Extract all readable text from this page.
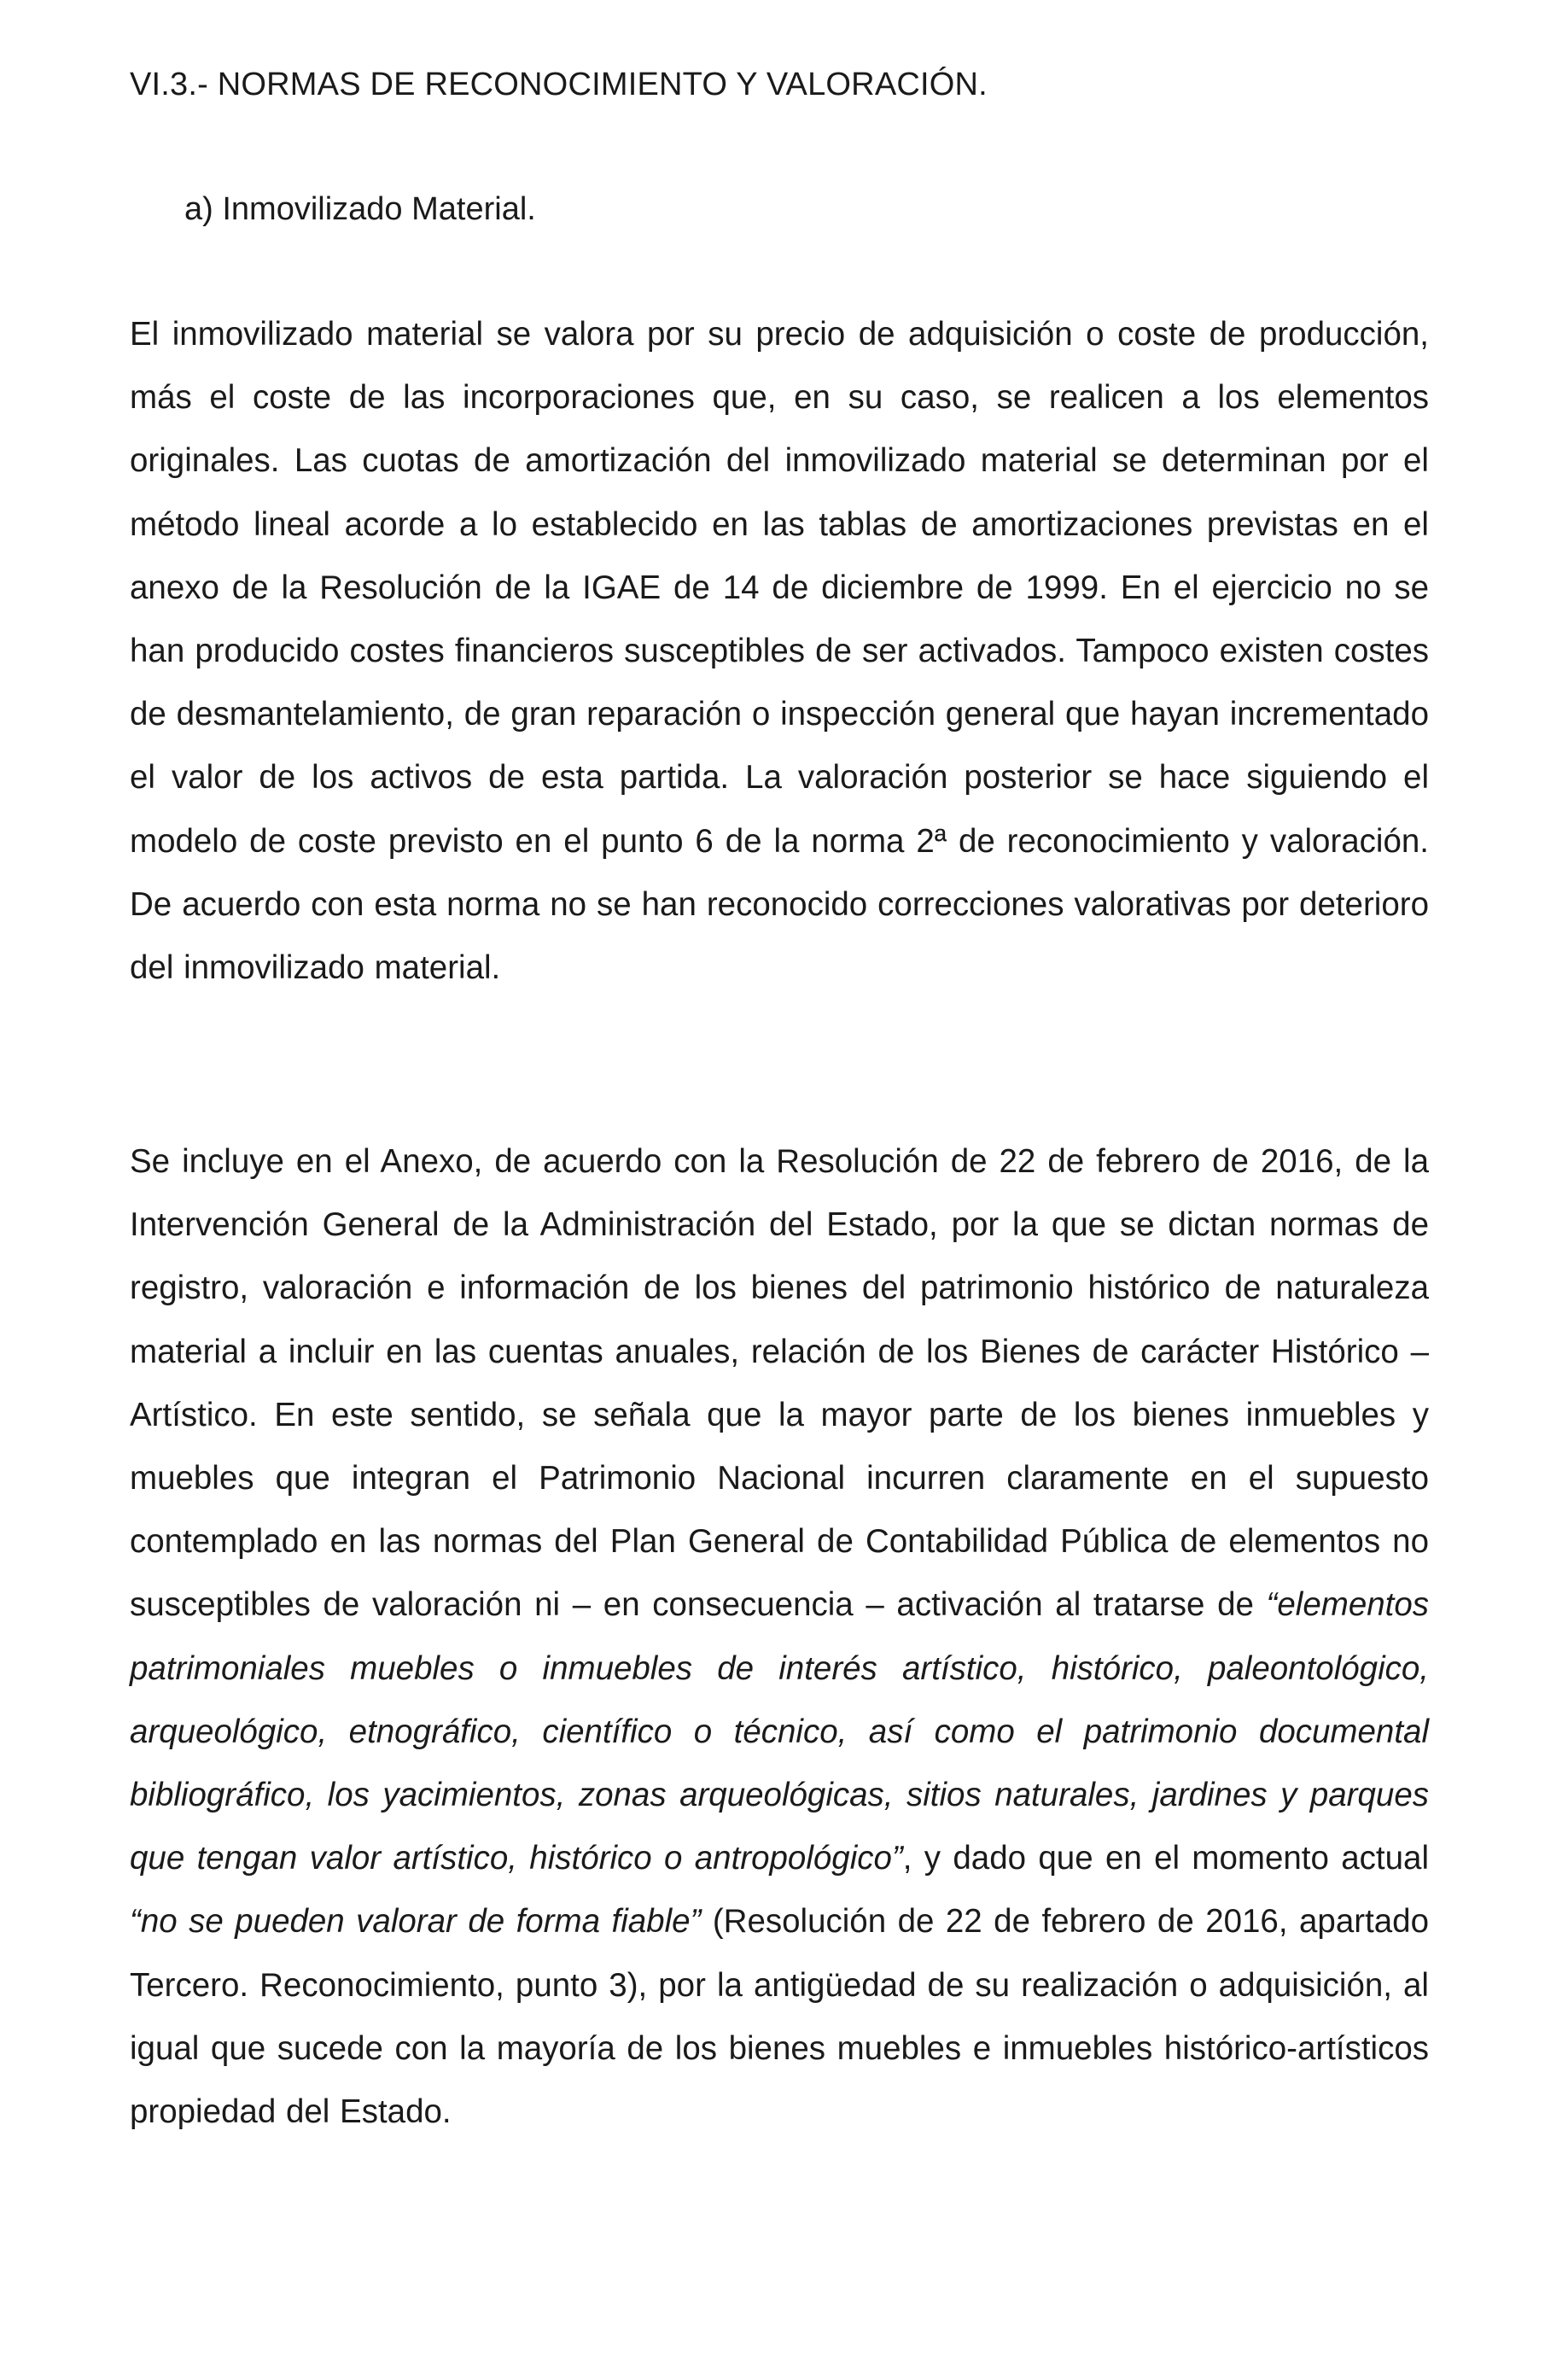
VI.3.- NORMAS DE RECONOCIMIENTO Y VALORACIÓN.
a) Inmovilizado Material.

El inmovilizado material se valora por su precio de adquisición o coste de producción, más el coste de las incorporaciones que, en su caso, se realicen a los elementos originales. Las cuotas de amortización del inmovilizado material se determinan por el método lineal acorde a lo establecido en las tablas de amortizaciones previstas en el anexo de la Resolución de la IGAE de 14 de diciembre de 1999. En el ejercicio no se han producido costes financieros susceptibles de ser activados. Tampoco existen costes de desmantelamiento, de gran reparación o inspección general que hayan incrementado el valor de los activos de esta partida. La valoración posterior se hace siguiendo el modelo de coste previsto en el punto 6 de la norma 2ª de reconocimiento y valoración. De acuerdo con esta norma no se han reconocido correcciones valorativas por deterioro del inmovilizado material.

Se incluye en el Anexo, de acuerdo con la Resolución de 22 de febrero de 2016, de la Intervención General de la Administración del Estado, por la que se dictan normas de registro, valoración e información de los bienes del patrimonio histórico de naturaleza material a incluir en las cuentas anuales, relación de los Bienes de carácter Histórico – Artístico. En este sentido, se señala que la mayor parte de los bienes inmuebles y muebles que integran el Patrimonio Nacional incurren claramente en el supuesto contemplado en las normas del Plan General de Contabilidad Pública de elementos no susceptibles de valoración ni – en consecuencia – activación al tratarse de “elementos patrimoniales muebles o inmuebles de interés artístico, histórico, paleontológico, arqueológico, etnográfico, científico o técnico, así como el patrimonio documental bibliográfico, los yacimientos, zonas arqueológicas, sitios naturales, jardines y parques que tengan valor artístico, histórico o antropológico”, y dado que en el momento actual “no se pueden valorar de forma fiable” (Resolución de 22 de febrero de 2016, apartado Tercero. Reconocimiento, punto 3), por la antigüedad de su realización o adquisición, al igual que sucede con la mayoría de los bienes muebles e inmuebles histórico-artísticos propiedad del Estado.
